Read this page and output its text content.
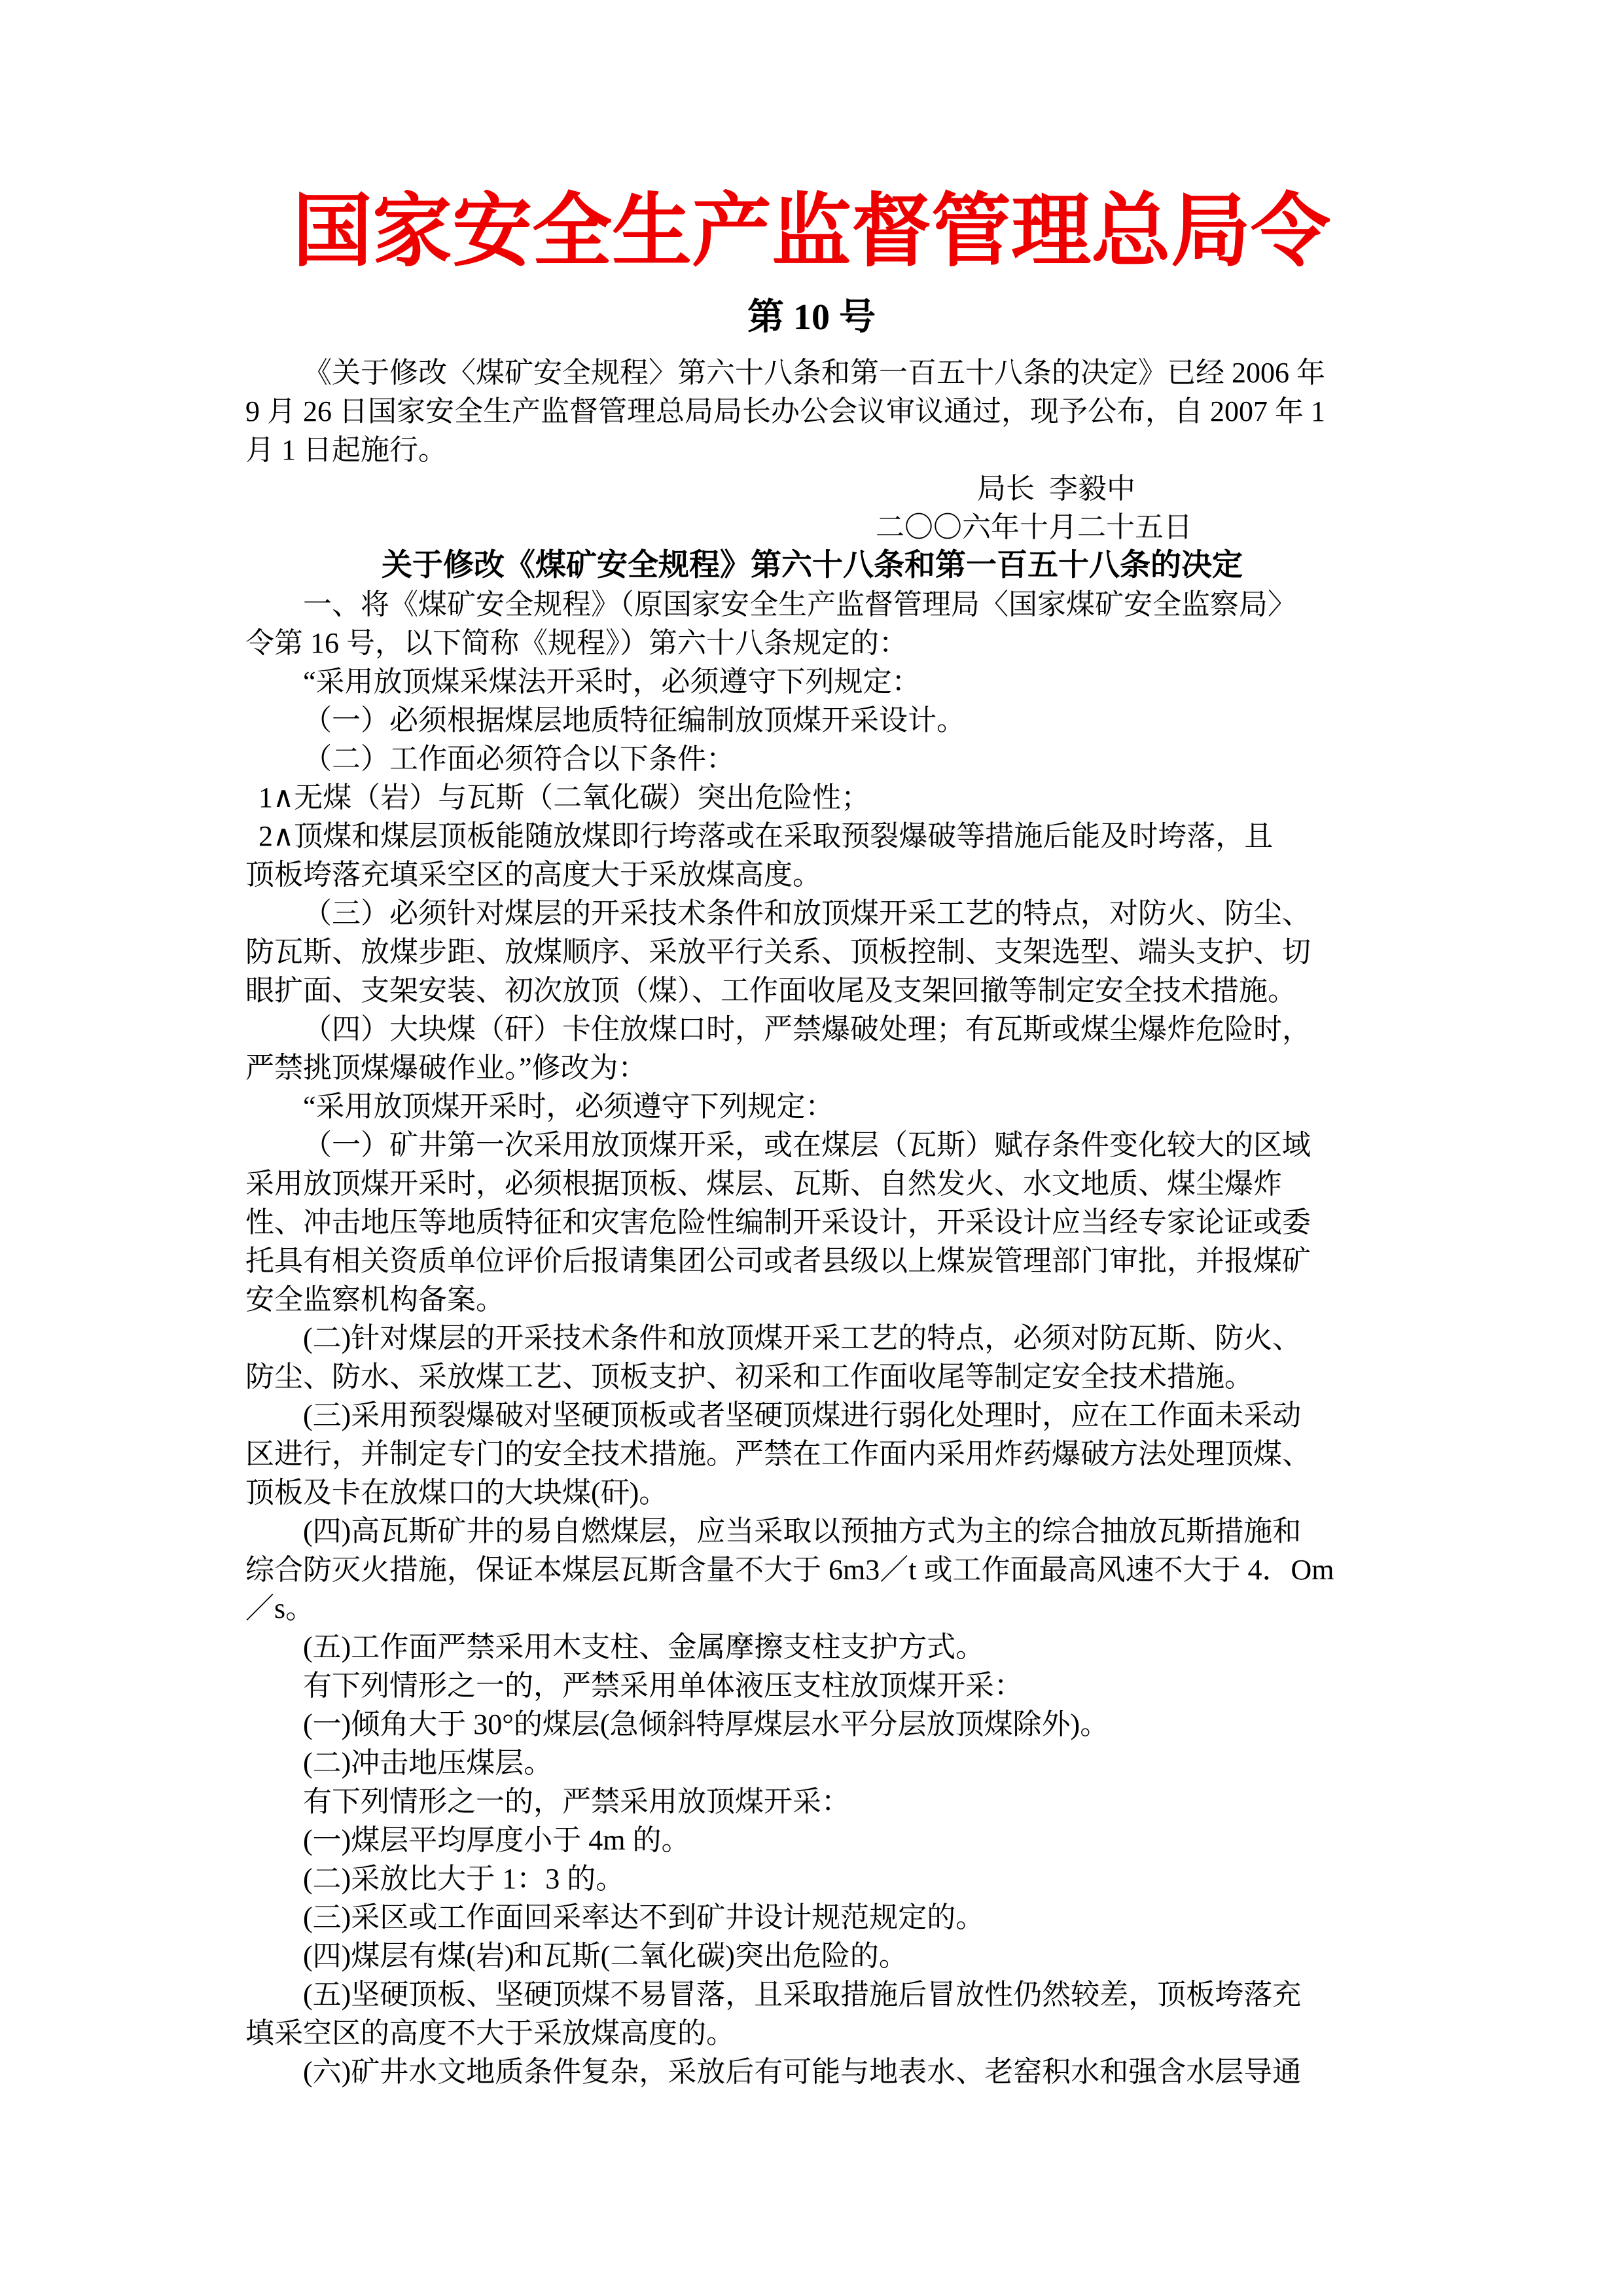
国家安全生产监督管理总局令
第 10 号
《关于修改〈煤矿安全规程〉第六十八条和第一百五十八条的决定》已经 2006 年
9 月 26 日国家安全生产监督管理总局局长办公会议审议通过，现予公布，自 2007 年 1
月 1 日起施行。
局长  李毅中
二〇〇六年十月二十五日
关于修改《煤矿安全规程》第六十八条和第一百五十八条的决定
一、将《煤矿安全规程》（原国家安全生产监督管理局〈国家煤矿安全监察局〉
令第 16 号，以下简称《规程》）第六十八条规定的：
“采用放顶煤采煤法开采时，必须遵守下列规定：
（一）必须根据煤层地质特征编制放顶煤开采设计。
（二）工作面必须符合以下条件：
1∧无煤（岩）与瓦斯（二氧化碳）突出危险性；
2∧顶煤和煤层顶板能随放煤即行垮落或在采取预裂爆破等措施后能及时垮落，且
顶板垮落充填采空区的高度大于采放煤高度。
（三）必须针对煤层的开采技术条件和放顶煤开采工艺的特点，对防火、防尘、
防瓦斯、放煤步距、放煤顺序、采放平行关系、顶板控制、支架选型、端头支护、切
眼扩面、支架安装、初次放顶（煤）、工作面收尾及支架回撤等制定安全技术措施。
（四）大块煤（矸）卡住放煤口时，严禁爆破处理；有瓦斯或煤尘爆炸危险时，
严禁挑顶煤爆破作业。”修改为：
“采用放顶煤开采时，必须遵守下列规定：
（一）矿井第一次采用放顶煤开采，或在煤层（瓦斯）赋存条件变化较大的区域
采用放顶煤开采时，必须根据顶板、煤层、瓦斯、自然发火、水文地质、煤尘爆炸
性、冲击地压等地质特征和灾害危险性编制开采设计，开采设计应当经专家论证或委
托具有相关资质单位评价后报请集团公司或者县级以上煤炭管理部门审批，并报煤矿
安全监察机构备案。
(二)针对煤层的开采技术条件和放顶煤开采工艺的特点，必须对防瓦斯、防火、
防尘、防水、采放煤工艺、顶板支护、初采和工作面收尾等制定安全技术措施。
(三)采用预裂爆破对坚硬顶板或者坚硬顶煤进行弱化处理时，应在工作面未采动
区进行，并制定专门的安全技术措施。严禁在工作面内采用炸药爆破方法处理顶煤、
顶板及卡在放煤口的大块煤(矸)。
(四)高瓦斯矿井的易自燃煤层，应当采取以预抽方式为主的综合抽放瓦斯措施和
综合防灭火措施，保证本煤层瓦斯含量不大于 6m3／t 或工作面最高风速不大于 4．Om
／s。
(五)工作面严禁采用木支柱、金属摩擦支柱支护方式。
有下列情形之一的，严禁采用单体液压支柱放顶煤开采：
(一)倾角大于 30°的煤层(急倾斜特厚煤层水平分层放顶煤除外)。
(二)冲击地压煤层。
有下列情形之一的，严禁采用放顶煤开采：
(一)煤层平均厚度小于 4m 的。
(二)采放比大于 1：3 的。
(三)采区或工作面回采率达不到矿井设计规范规定的。
(四)煤层有煤(岩)和瓦斯(二氧化碳)突出危险的。
(五)坚硬顶板、坚硬顶煤不易冒落，且采取措施后冒放性仍然较差，顶板垮落充
填采空区的高度不大于采放煤高度的。
(六)矿井水文地质条件复杂，采放后有可能与地表水、老窑积水和强含水层导通
